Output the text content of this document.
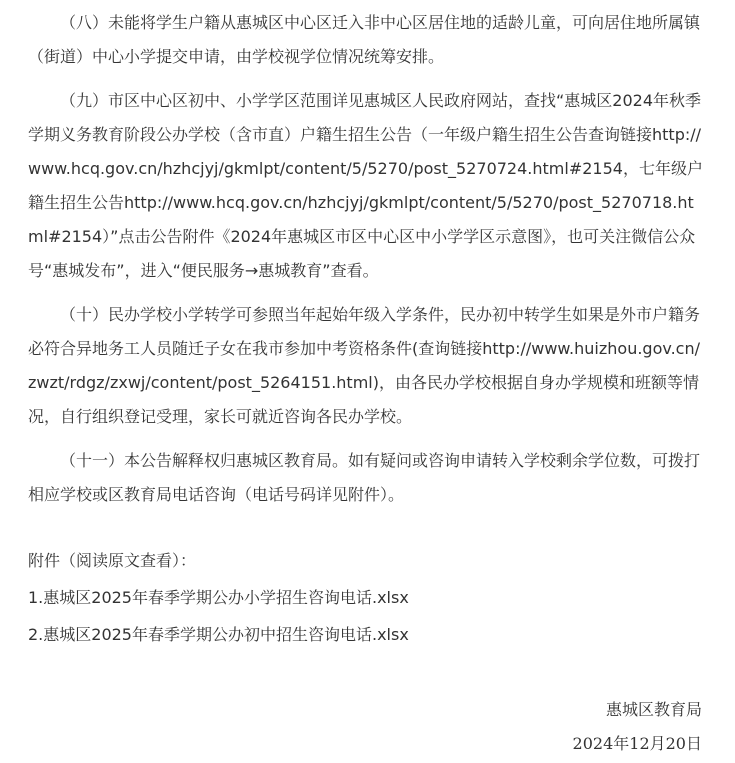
（八）未能将学生户籍从惠城区中心区迁入非中心区居住地的适龄儿童，可向居住地所属镇（街道）中心小学提交申请，由学校视学位情况统筹安排。

（九）市区中心区初中、小学学区范围详见惠城区人民政府网站，查找“惠城区2024年秋季学期义务教育阶段公办学校（含市直）户籍生招生公告（一年级户籍生招生公告查询链接http://www.hcq.gov.cn/hzhcjyj/gkmlpt/content/5/5270/post_5270724.html#2154，七年级户籍生招生公告http://www.hcq.gov.cn/hzhcjyj/gkmlpt/content/5/5270/post_5270718.html#2154）”点击公告附件《2024年惠城区市区中心区中小学学区示意图》，也可关注微信公众号“惠城发布”，进入“便民服务→惠城教育”查看。

（十）民办学校小学转学可参照当年起始年级入学条件，民办初中转学生如果是外市户籍务必符合异地务工人员随迁子女在我市参加中考资格条件(查询链接http://www.huizhou.gov.cn/zwzt/rdgz/zxwj/content/post_5264151.html)，由各民办学校根据自身办学规模和班额等情况，自行组织登记受理，家长可就近咨询各民办学校。

（十一）本公告解释权归惠城区教育局。如有疑问或咨询申请转入学校剩余学位数，可拨打相应学校或区教育局电话咨询（电话号码详见附件）。

附件（阅读原文查看）：

1.惠城区2025年春季学期公办小学招生咨询电话.xlsx

2.惠城区2025年春季学期公办初中招生咨询电话.xlsx

惠城区教育局
2024年12月20日
